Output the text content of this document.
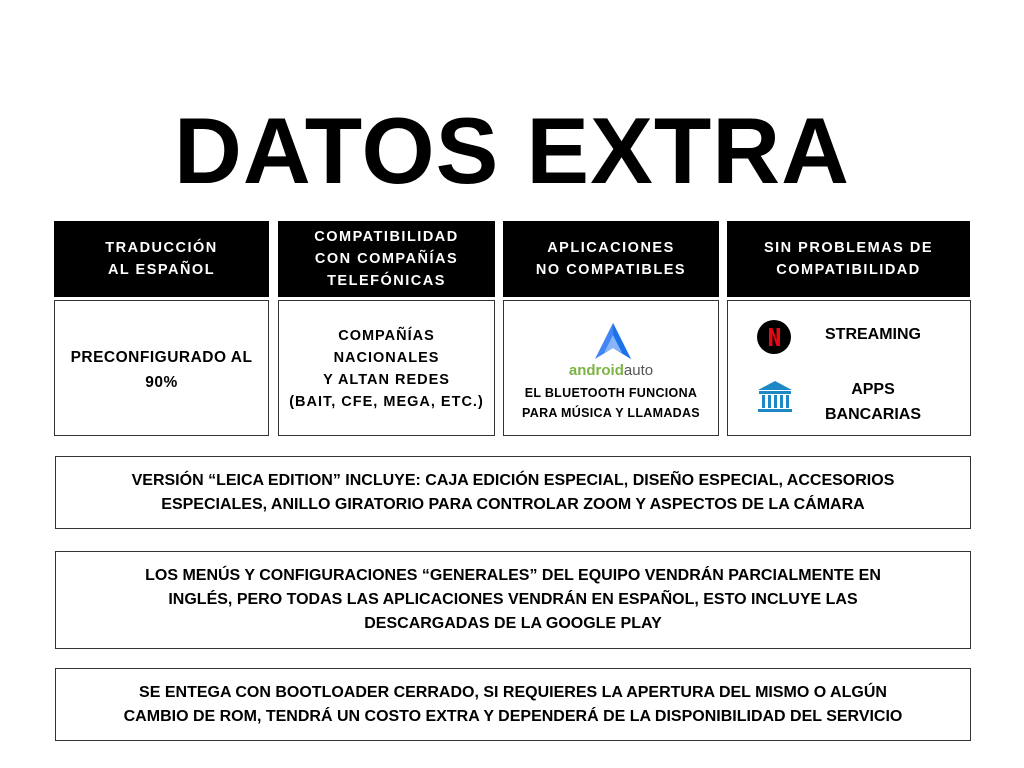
DATOS EXTRA
TRADUCCIÓN
AL ESPAÑOL
COMPATIBILIDAD
CON COMPAÑÍAS
TELEFÓNICAS
APLICACIONES
NO COMPATIBLES
SIN PROBLEMAS DE
COMPATIBILIDAD
PRECONFIGURADO AL
90%
COMPAÑÍAS
NACIONALES
Y ALTAN REDES
(BAIT, CFE, MEGA, ETC.)
androidauto
EL BLUETOOTH FUNCIONA
PARA MÚSICA Y LLAMADAS
STREAMING
APPS
BANCARIAS
VERSIÓN “LEICA EDITION” INCLUYE: CAJA EDICIÓN ESPECIAL, DISEÑO ESPECIAL, ACCESORIOS
ESPECIALES, ANILLO GIRATORIO PARA CONTROLAR ZOOM Y ASPECTOS DE LA CÁMARA
LOS MENÚS Y CONFIGURACIONES “GENERALES” DEL EQUIPO VENDRÁN PARCIALMENTE EN
INGLÉS, PERO TODAS LAS APLICACIONES VENDRÁN EN ESPAÑOL, ESTO INCLUYE LAS
DESCARGADAS DE LA GOOGLE PLAY
SE ENTEGA CON BOOTLOADER CERRADO, SI REQUIERES LA APERTURA DEL MISMO O ALGÚN
CAMBIO DE ROM, TENDRÁ UN COSTO EXTRA Y DEPENDERÁ DE LA DISPONIBILIDAD DEL SERVICIO
